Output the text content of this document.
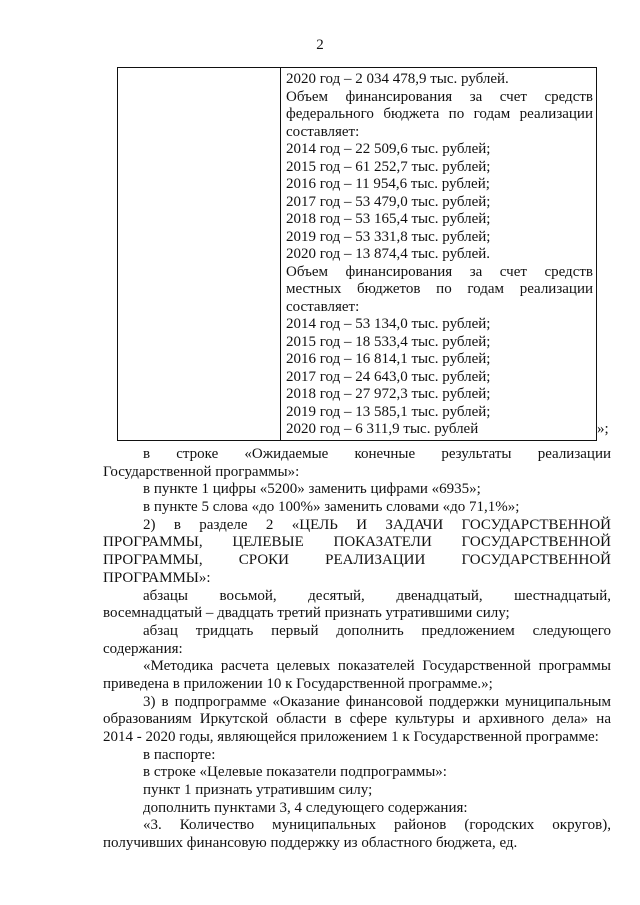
2
2020 год – 2 034 478,9 тыс. рублей.
Объем финансирования за счет средств
федерального бюджета по годам реализации
составляет:
2014 год – 22 509,6 тыс. рублей;
2015 год – 61 252,7 тыс. рублей;
2016 год – 11 954,6 тыс. рублей;
2017 год – 53 479,0 тыс. рублей;
2018 год – 53 165,4 тыс. рублей;
2019 год – 53 331,8 тыс. рублей;
2020 год – 13 874,4 тыс. рублей.
Объем финансирования за счет средств
местных бюджетов по годам реализации
составляет:
2014 год – 53 134,0 тыс. рублей;
2015 год – 18 533,4 тыс. рублей;
2016 год – 16 814,1 тыс. рублей;
2017 год – 24 643,0 тыс. рублей;
2018 год – 27 972,3 тыс. рублей;
2019 год – 13 585,1 тыс. рублей;
2020 год – 6 311,9 тыс. рублей	»;
в строке «Ожидаемые конечные результаты реализации
Государственной программы»:
в пункте 1 цифры «5200» заменить цифрами «6935»;
в пункте 5 слова «до 100%» заменить словами «до 71,1%»;
2) в разделе 2 «ЦЕЛЬ И ЗАДАЧИ ГОСУДАРСТВЕННОЙ
ПРОГРАММЫ, ЦЕЛЕВЫЕ ПОКАЗАТЕЛИ ГОСУДАРСТВЕННОЙ
ПРОГРАММЫ, СРОКИ РЕАЛИЗАЦИИ ГОСУДАРСТВЕННОЙ
ПРОГРАММЫ»:
абзацы восьмой, десятый, двенадцатый, шестнадцатый,
восемнадцатый – двадцать третий признать утратившими силу;
абзац тридцать первый дополнить предложением следующего
содержания:
«Методика расчета целевых показателей Государственной программы
приведена в приложении 10 к Государственной программе.»;
3) в подпрограмме «Оказание финансовой поддержки муниципальным
образованиям Иркутской области в сфере культуры и архивного дела» на
2014 - 2020 годы, являющейся приложением 1 к Государственной программе:
в паспорте:
в строке «Целевые показатели подпрограммы»:
пункт 1 признать утратившим силу;
дополнить пунктами 3, 4 следующего содержания:
«3. Количество муниципальных районов (городских округов),
получивших финансовую поддержку из областного бюджета, ед.
